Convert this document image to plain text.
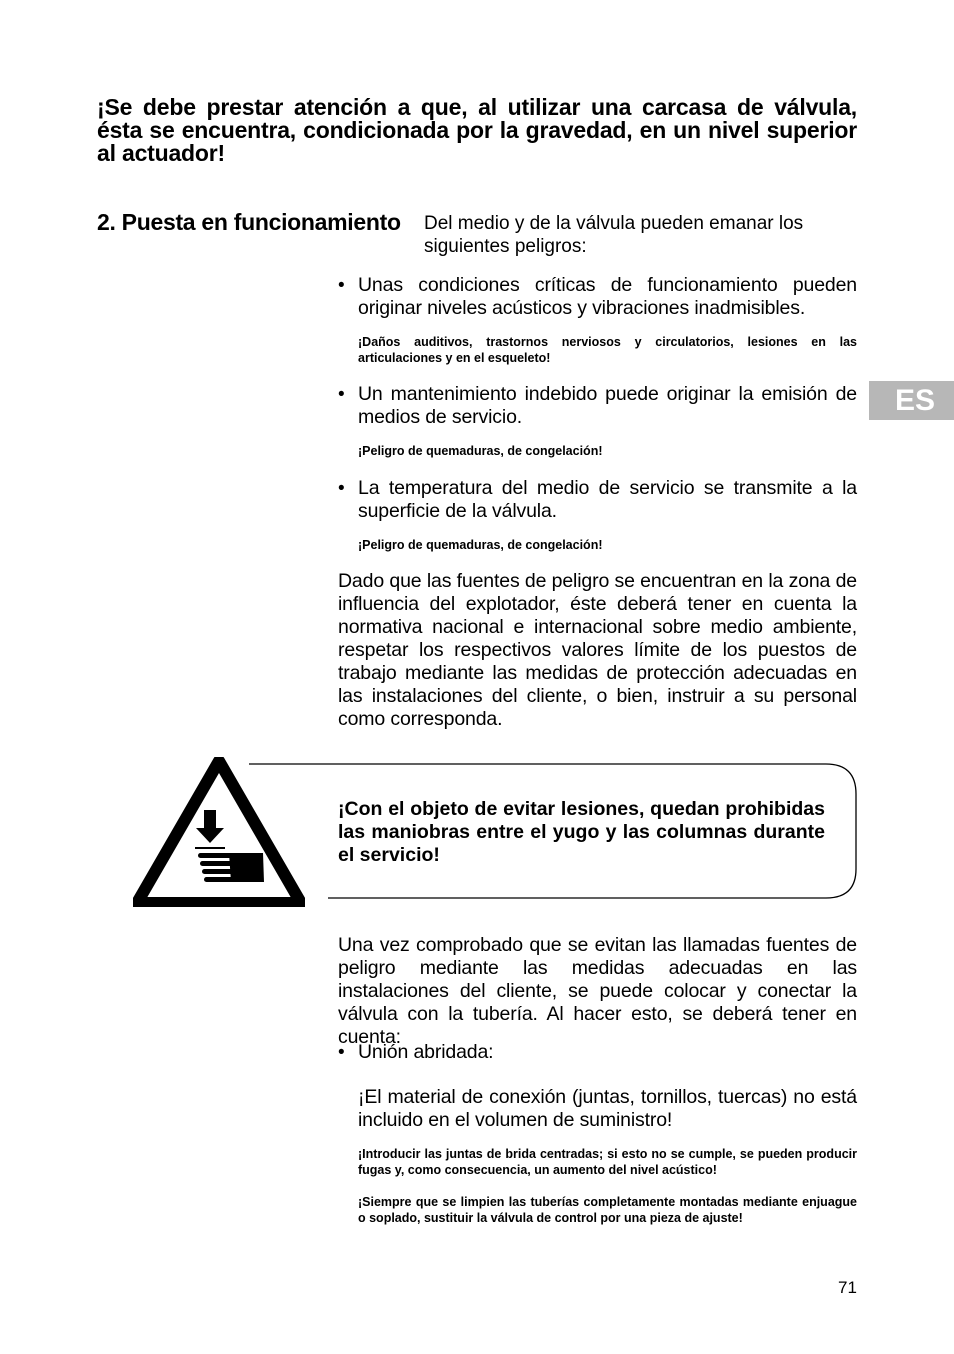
¡Se debe prestar atención a que, al utilizar una carcasa de válvula, ésta se encuentra, condicionada por la gravedad, en un nivel superior al actuador!
2. Puesta en funcionamiento Del medio y de la válvula pueden emanar los siguientes peligros:
• Unas condiciones críticas de funcionamiento pueden originar niveles acústicos y vibraciones inadmisibles.
¡Daños auditivos, trastornos nerviosos y circulatorios, lesiones en las articulaciones y en el esqueleto!
• Un mantenimiento indebido puede originar la emisión de medios de servicio.
¡Peligro de quemaduras, de congelación!
• La temperatura del medio de servicio se transmite a la superficie de la válvula.
¡Peligro de quemaduras, de congelación!
Dado que las fuentes de peligro se encuentran en la zona de influencia del explotador, éste deberá tener en cuenta la normativa nacional e internacional sobre medio ambiente, respetar los respectivos valores límite de los puestos de trabajo mediante las medidas de protección adecuadas en las instalaciones del cliente, o bien, instruir a su personal como corresponda.
ES
¡Con el objeto de evitar lesiones, quedan prohibidas las maniobras entre el yugo y las columnas durante el servicio!
Una vez comprobado que se evitan las llamadas fuentes de peligro mediante las medidas adecuadas en las instalaciones del cliente, se puede colocar y conectar la válvula con la tubería. Al hacer esto, se deberá tener en cuenta:
• Unión abridada:
¡El material de conexión (juntas, tornillos, tuercas) no está incluido en el volumen de suministro!
¡Introducir las juntas de brida centradas; si esto no se cumple, se pueden producir fugas y, como consecuencia, un aumento del nivel acústico!
¡Siempre que se limpien las tuberías completamente montadas mediante enjuague o soplado, sustituir la válvula de control por una pieza de ajuste!
71
